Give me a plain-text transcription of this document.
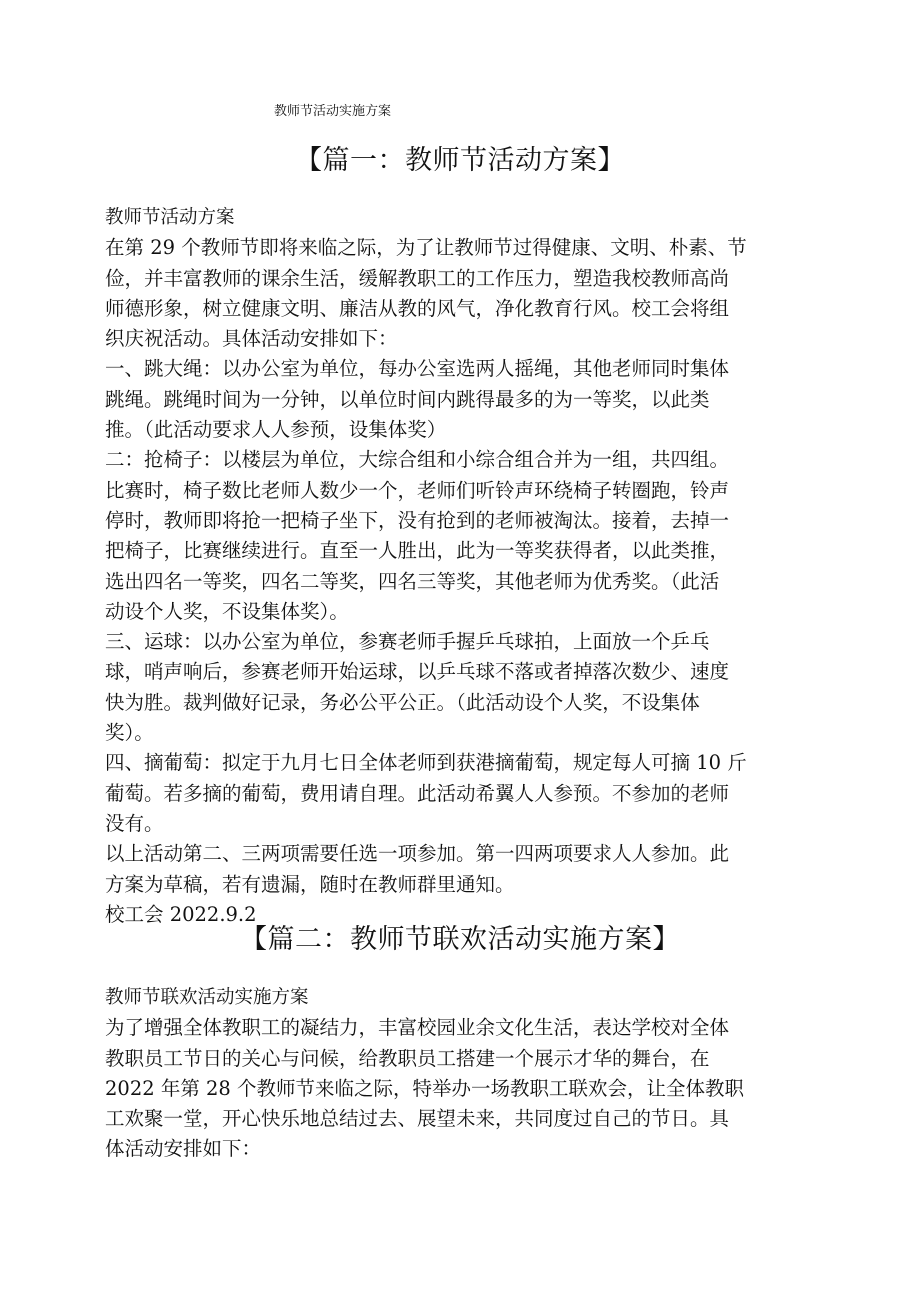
教师节活动实施方案
【篇一：教师节活动方案】
教师节活动方案
在第 29 个教师节即将来临之际，为了让教师节过得健康、文明、朴素、节
俭，并丰富教师的课余生活，缓解教职工的工作压力，塑造我校教师高尚
师德形象，树立健康文明、廉洁从教的风气，净化教育行风。校工会将组
织庆祝活动。具体活动安排如下：
一、跳大绳：以办公室为单位，每办公室选两人摇绳，其他老师同时集体
跳绳。跳绳时间为一分钟，以单位时间内跳得最多的为一等奖，以此类
推。（此活动要求人人参预，设集体奖）
二：抢椅子：以楼层为单位，大综合组和小综合组合并为一组，共四组。
比赛时，椅子数比老师人数少一个，老师们听铃声环绕椅子转圈跑，铃声
停时，教师即将抢一把椅子坐下，没有抢到的老师被淘汰。接着，去掉一
把椅子，比赛继续进行。直至一人胜出，此为一等奖获得者，以此类推，
选出四名一等奖，四名二等奖，四名三等奖，其他老师为优秀奖。（此活
动设个人奖，不设集体奖）。
三、运球：以办公室为单位，参赛老师手握乒乓球拍，上面放一个乒乓
球，哨声响后，参赛老师开始运球，以乒乓球不落或者掉落次数少、速度
快为胜。裁判做好记录，务必公平公正。（此活动设个人奖，不设集体
奖）。
四、摘葡萄：拟定于九月七日全体老师到获港摘葡萄，规定每人可摘 10 斤
葡萄。若多摘的葡萄，费用请自理。此活动希翼人人参预。不参加的老师
没有。
以上活动第二、三两项需要任选一项参加。第一四两项要求人人参加。此
方案为草稿，若有遗漏，随时在教师群里通知。
校工会 2022.9.2
【篇二：教师节联欢活动实施方案】
教师节联欢活动实施方案
为了增强全体教职工的凝结力，丰富校园业余文化生活，表达学校对全体
教职员工节日的关心与问候，给教职员工搭建一个展示才华的舞台，在
2022 年第 28 个教师节来临之际，特举办一场教职工联欢会，让全体教职
工欢聚一堂，开心快乐地总结过去、展望未来，共同度过自己的节日。具
体活动安排如下：
